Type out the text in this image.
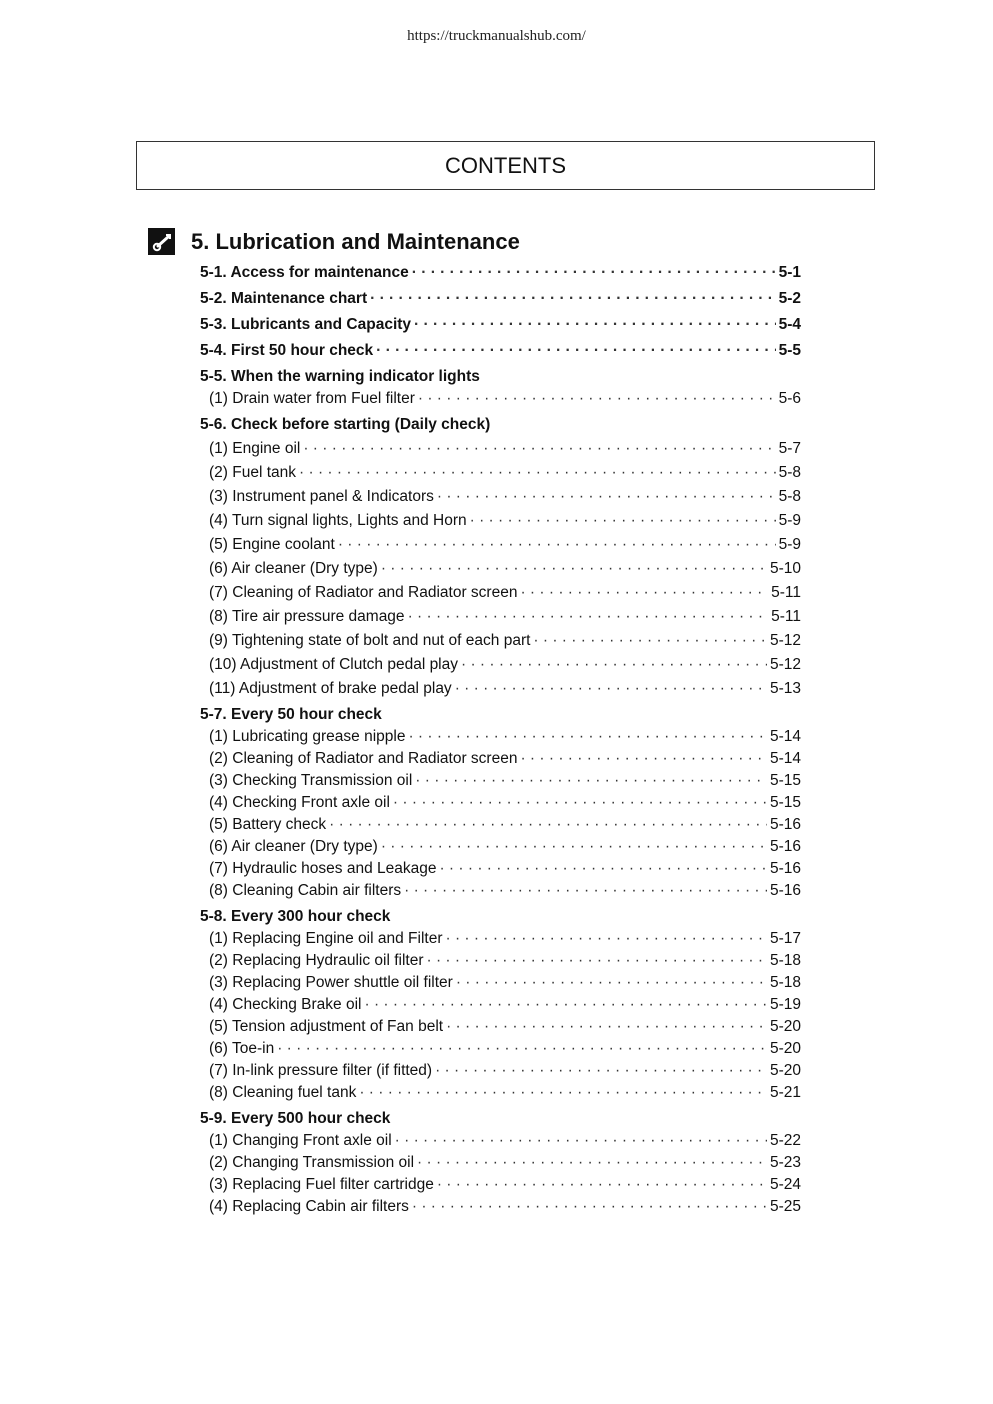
https://truckmanualshub.com/
CONTENTS
5. Lubrication and Maintenance
5-1. Access for maintenance · · ·	5-1
5-2. Maintenance chart · · ·	5-2
5-3. Lubricants and Capacity · · ·	5-4
5-4. First 50 hour check · · ·	5-5
5-5. When the warning indicator lights
(1) Drain water from Fuel filter · · ·	5-6
5-6. Check before starting (Daily check)
(1) Engine oil · · ·	5-7
(2) Fuel tank · · ·	5-8
(3) Instrument panel & Indicators · · ·	5-8
(4) Turn signal lights, Lights and Horn · · ·	5-9
(5) Engine coolant · · ·	5-9
(6) Air cleaner (Dry type) · · ·	5-10
(7) Cleaning of Radiator and Radiator screen · · ·	5-11
(8) Tire air pressure damage · · ·	5-11
(9) Tightening state of bolt and nut of each part · · ·	5-12
(10) Adjustment of Clutch pedal play · · ·	5-12
(11) Adjustment of brake pedal play · · ·	5-13
5-7. Every 50 hour check
(1) Lubricating grease nipple · · ·	5-14
(2) Cleaning of Radiator and Radiator screen · · ·	5-14
(3) Checking Transmission oil · · ·	5-15
(4) Checking Front axle oil · · ·	5-15
(5) Battery check · · ·	5-16
(6) Air cleaner (Dry type) · · ·	5-16
(7) Hydraulic hoses and Leakage · · ·	5-16
(8) Cleaning Cabin air filters · · ·	5-16
5-8. Every 300 hour check
(1) Replacing Engine oil and Filter · · ·	5-17
(2) Replacing Hydraulic oil filter · · ·	5-18
(3) Replacing Power shuttle oil filter · · ·	5-18
(4) Checking Brake oil · · ·	5-19
(5) Tension adjustment of Fan belt · · ·	5-20
(6) Toe-in · · ·	5-20
(7) In-link pressure filter (if fitted) · · ·	5-20
(8) Cleaning fuel tank · · ·	5-21
5-9. Every 500 hour check
(1) Changing Front axle oil · · ·	5-22
(2) Changing Transmission oil · · ·	5-23
(3) Replacing Fuel filter cartridge · · ·	5-24
(4) Replacing Cabin air filters · · ·	5-25
